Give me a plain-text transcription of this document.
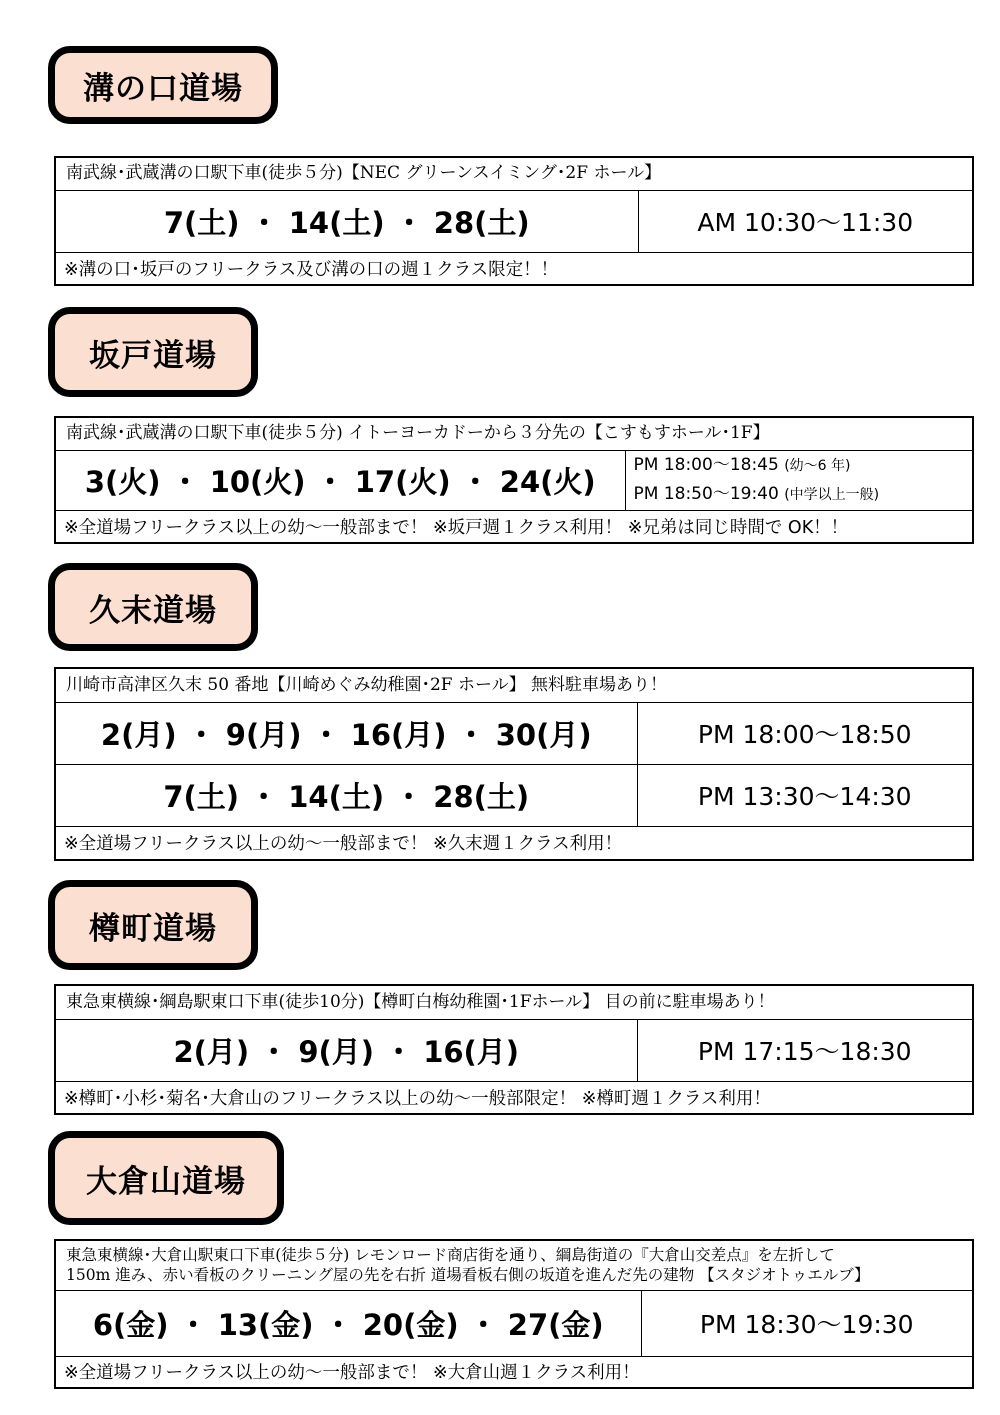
溝の口道場
南武線･武蔵溝の口駅下車(徒歩５分)【NEC グリーンスイミング･2F ホール】
7(土) ・ 14(土) ・ 28(土)	AM 10:30～11:30
※溝の口･坂戸のフリークラス及び溝の口の週１クラス限定！！
坂戸道場
南武線･武蔵溝の口駅下車(徒歩５分) イトーヨーカドーから３分先の【こすもすホール･1F】
3(火) ・ 10(火) ・ 17(火) ・ 24(火)	PM 18:00～18:45 (幼～6 年)
PM 18:50～19:40 (中学以上一般)

※全道場フリークラス以上の幼～一般部まで！ ※坂戸週１クラス利用！ ※兄弟は同じ時間で OK！！
久末道場
川崎市高津区久末 50 番地【川崎めぐみ幼稚園･2F ホール】 無料駐車場あり！	
2(月) ・ 9(月) ・ 16(月) ・ 30(月)	PM 18:00～18:50
7(土) ・ 14(土) ・ 28(土)	PM 13:30～14:30
※全道場フリークラス以上の幼～一般部まで！ ※久末週１クラス利用！	
樽町道場
東急東横線･綱島駅東口下車(徒歩10分)【樽町白梅幼稚園･1Fホール】 目の前に駐車場あり！
2(月) ・ 9(月) ・ 16(月)	PM 17:15～18:30
※樽町･小杉･菊名･大倉山のフリークラス以上の幼～一般部限定！ ※樽町週１クラス利用！
大倉山道場
東急東横線･大倉山駅東口下車(徒歩５分) レモンロード商店街を通り、綱島街道の『大倉山交差点』を左折して
150m 進み、赤い看板のクリーニング屋の先を右折 道場看板右側の坂道を進んだ先の建物 【スタジオトゥエルブ】

6(金) ・ 13(金) ・ 20(金) ・ 27(金)	PM 18:30～19:30
※全道場フリークラス以上の幼～一般部まで！ ※大倉山週１クラス利用！
